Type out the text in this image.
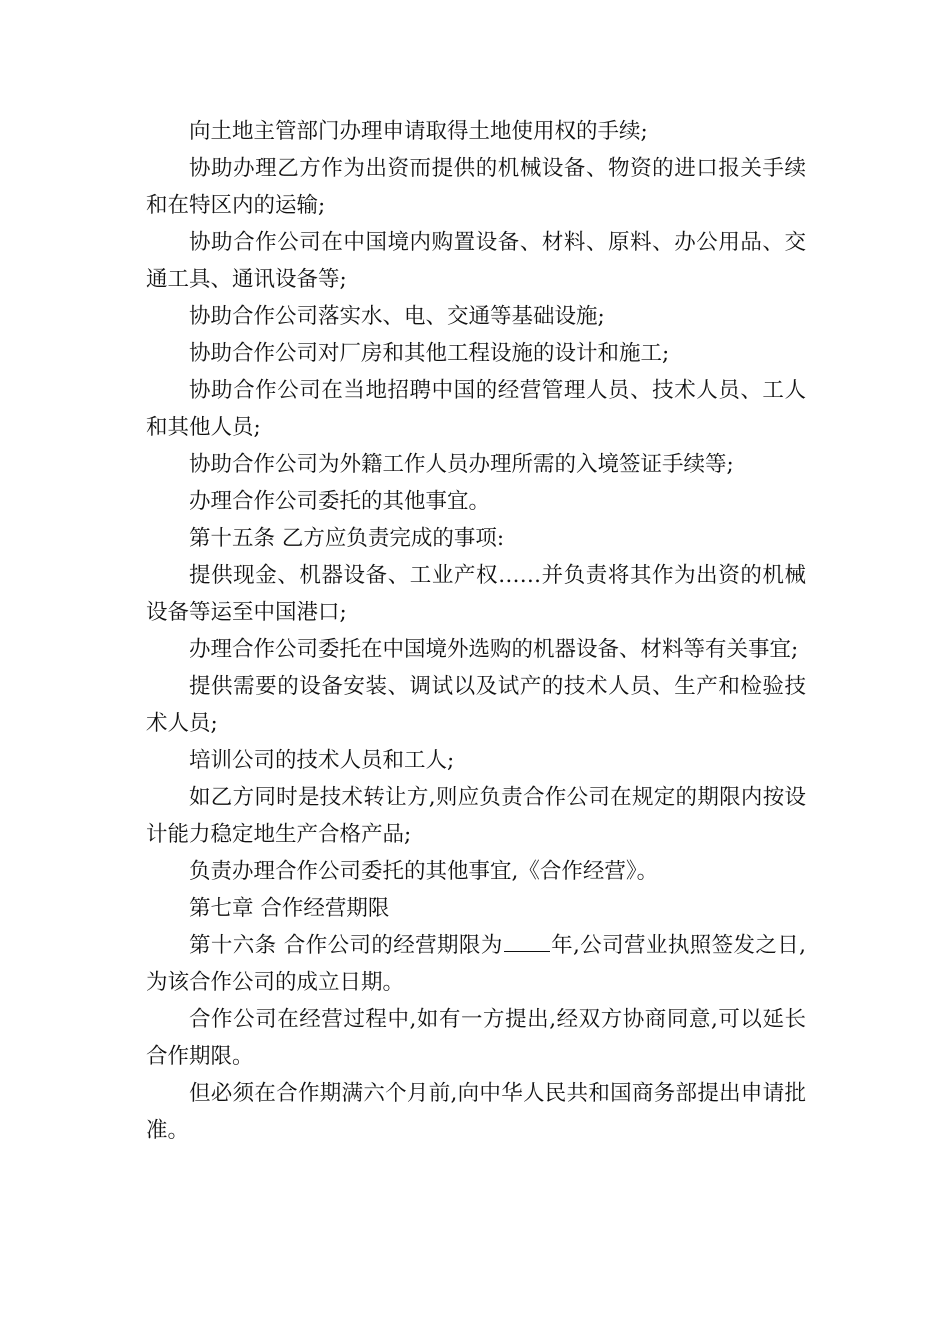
向土地主管部门办理申请取得土地使用权的手续;

协助办理乙方作为出资而提供的机械设备、物资的进口报关手续和在特区内的运输;

协助合作公司在中国境内购置设备、材料、原料、办公用品、交通工具、通讯设备等;

协助合作公司落实水、电、交通等基础设施;

协助合作公司对厂房和其他工程设施的设计和施工;

协助合作公司在当地招聘中国的经营管理人员、技术人员、工人和其他人员;

协助合作公司为外籍工作人员办理所需的入境签证手续等;

办理合作公司委托的其他事宜。

第十五条 乙方应负责完成的事项:

提供现金、机器设备、工业产权……并负责将其作为出资的机械设备等运至中国港口;

办理合作公司委托在中国境外选购的机器设备、材料等有关事宜;

提供需要的设备安装、调试以及试产的技术人员、生产和检验技术人员;

培训公司的技术人员和工人;

如乙方同时是技术转让方,则应负责合作公司在规定的期限内按设计能力稳定地生产合格产品;

负责办理合作公司委托的其他事宜,《合作经营》。

第七章 合作经营期限

第十六条 合作公司的经营期限为 年,公司营业执照签发之日,为该合作公司的成立日期。

合作公司在经营过程中,如有一方提出,经双方协商同意,可以延长合作期限。

但必须在合作期满六个月前,向中华人民共和国商务部提出申请批准。
